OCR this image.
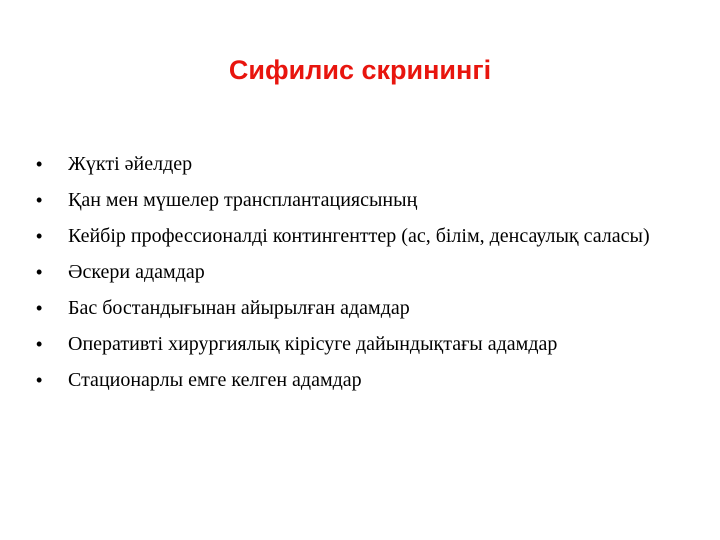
Сифилис скринингі
•	Жүкті әйелдер
•	Қан мен мүшелер трансплантациясының
•	Кейбір профессионалді контингенттер (ас, білім, денсаулық саласы)
•	Әскери адамдар
•	Бас бостандығынан айырылған адамдар
•	Оперативті хирургиялық кірісуге дайындықтағы адамдар
•	Стационарлы емге келген адамдар
